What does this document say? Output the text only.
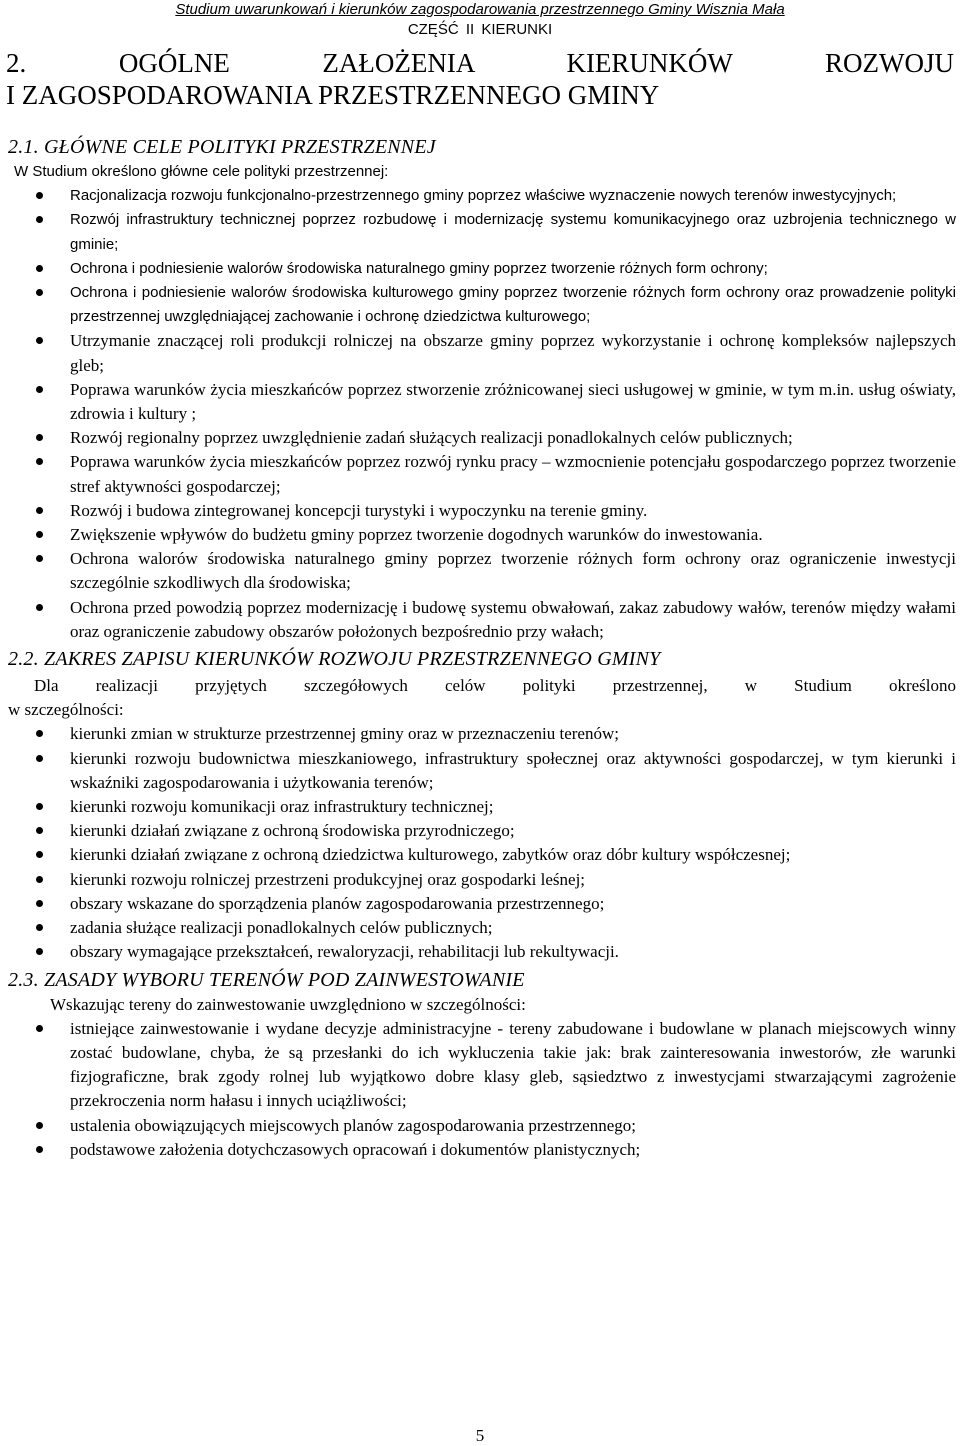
Studium uwarunkowań i kierunków zagospodarowania przestrzennego Gminy Wisznia Mała
CZĘŚĆ II KIERUNKI
2. OGÓLNE ZAŁOŻENIA KIERUNKÓW ROZWOJU
I ZAGOSPODAROWANIA PRZESTRZENNEGO GMINY
2.1. GŁÓWNE CELE POLITYKI PRZESTRZENNEJ

W Studium określono główne cele polityki przestrzennej:

Racjonalizacja rozwoju funkcjonalno-przestrzennego gminy poprzez właściwe wyznaczenie nowych terenów inwestycyjnych;
Rozwój infrastruktury technicznej poprzez rozbudowę i modernizację systemu komunikacyjnego oraz uzbrojenia technicznego w gminie;
Ochrona i podniesienie walorów środowiska naturalnego gminy poprzez tworzenie różnych form ochrony;
Ochrona i podniesienie walorów środowiska kulturowego gminy poprzez tworzenie różnych form ochrony oraz prowadzenie polityki przestrzennej uwzględniającej zachowanie i ochronę dziedzictwa kulturowego;
Utrzymanie znaczącej roli produkcji rolniczej na obszarze gminy poprzez wykorzystanie i ochronę kompleksów najlepszych gleb;
Poprawa warunków życia mieszkańców poprzez stworzenie zróżnicowanej sieci usługowej w gminie, w tym m.in. usług oświaty, zdrowia i kultury ;
Rozwój regionalny poprzez uwzględnienie zadań służących realizacji ponadlokalnych celów publicznych;
Poprawa warunków życia mieszkańców poprzez rozwój rynku pracy – wzmocnienie potencjału gospodarczego poprzez tworzenie stref aktywności gospodarczej;
Rozwój i budowa zintegrowanej koncepcji turystyki i wypoczynku na terenie gminy.
Zwiększenie wpływów do budżetu gminy poprzez tworzenie dogodnych warunków do inwestowania.
Ochrona walorów środowiska naturalnego gminy poprzez tworzenie różnych form ochrony oraz ograniczenie inwestycji szczególnie szkodliwych dla środowiska;
Ochrona przed powodzią poprzez modernizację i budowę systemu obwałowań, zakaz zabudowy wałów, terenów między wałami oraz ograniczenie zabudowy obszarów położonych bezpośrednio przy wałach;
2.2. ZAKRES ZAPISU KIERUNKÓW ROZWOJU PRZESTRZENNEGO GMINY

Dla realizacji przyjętych szczegółowych celów polityki przestrzennej, w Studium określono

w szczególności:

kierunki zmian w strukturze przestrzennej gminy oraz w przeznaczeniu terenów;
kierunki rozwoju budownictwa mieszkaniowego, infrastruktury społecznej oraz aktywności gospodarczej, w tym kierunki i wskaźniki zagospodarowania i użytkowania terenów;
kierunki rozwoju komunikacji oraz infrastruktury technicznej;
kierunki działań związane z ochroną środowiska przyrodniczego;
kierunki działań związane z ochroną dziedzictwa kulturowego, zabytków oraz dóbr kultury współczesnej;
kierunki rozwoju rolniczej przestrzeni produkcyjnej oraz gospodarki leśnej;
obszary wskazane do sporządzenia planów zagospodarowania przestrzennego;
zadania służące realizacji ponadlokalnych celów publicznych;
obszary wymagające przekształceń, rewaloryzacji, rehabilitacji lub rekultywacji.
2.3. ZASADY WYBORU TERENÓW POD ZAINWESTOWANIE

Wskazując tereny do zainwestowanie uwzględniono w szczególności:

istniejące zainwestowanie i wydane decyzje administracyjne - tereny zabudowane i budowlane w planach miejscowych winny zostać budowlane, chyba, że są przesłanki do ich wykluczenia takie jak: brak zainteresowania inwestorów, złe warunki fizjograficzne, brak zgody rolnej lub wyjątkowo dobre klasy gleb, sąsiedztwo z inwestycjami stwarzającymi zagrożenie przekroczenia norm hałasu i innych uciążliwości;
ustalenia obowiązujących miejscowych planów zagospodarowania przestrzennego;
podstawowe założenia dotychczasowych opracowań i dokumentów planistycznych;
5
